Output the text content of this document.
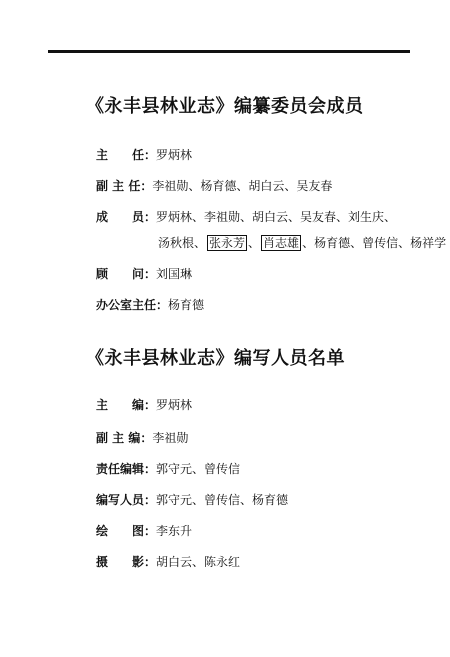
《永丰县林业志》编纂委员会成员
主　　任： 罗炳林
副 主 任： 李祖勋、杨育德、胡白云、吴友春
成　　员： 罗炳林、李祖勋、胡白云、吴友春、刘生庆、
汤秋根、 张永芳 、 肖志雄 、杨育德、曾传信、杨祥学
顾　　问： 刘国琳
办公室主任： 杨育德
《永丰县林业志》编写人员名单
主　　编： 罗炳林
副 主 编： 李祖勋
责任编辑： 郭守元、曾传信
编写人员： 郭守元、曾传信、杨育德
绘　　图： 李东升
摄　　影： 胡白云、陈永红
